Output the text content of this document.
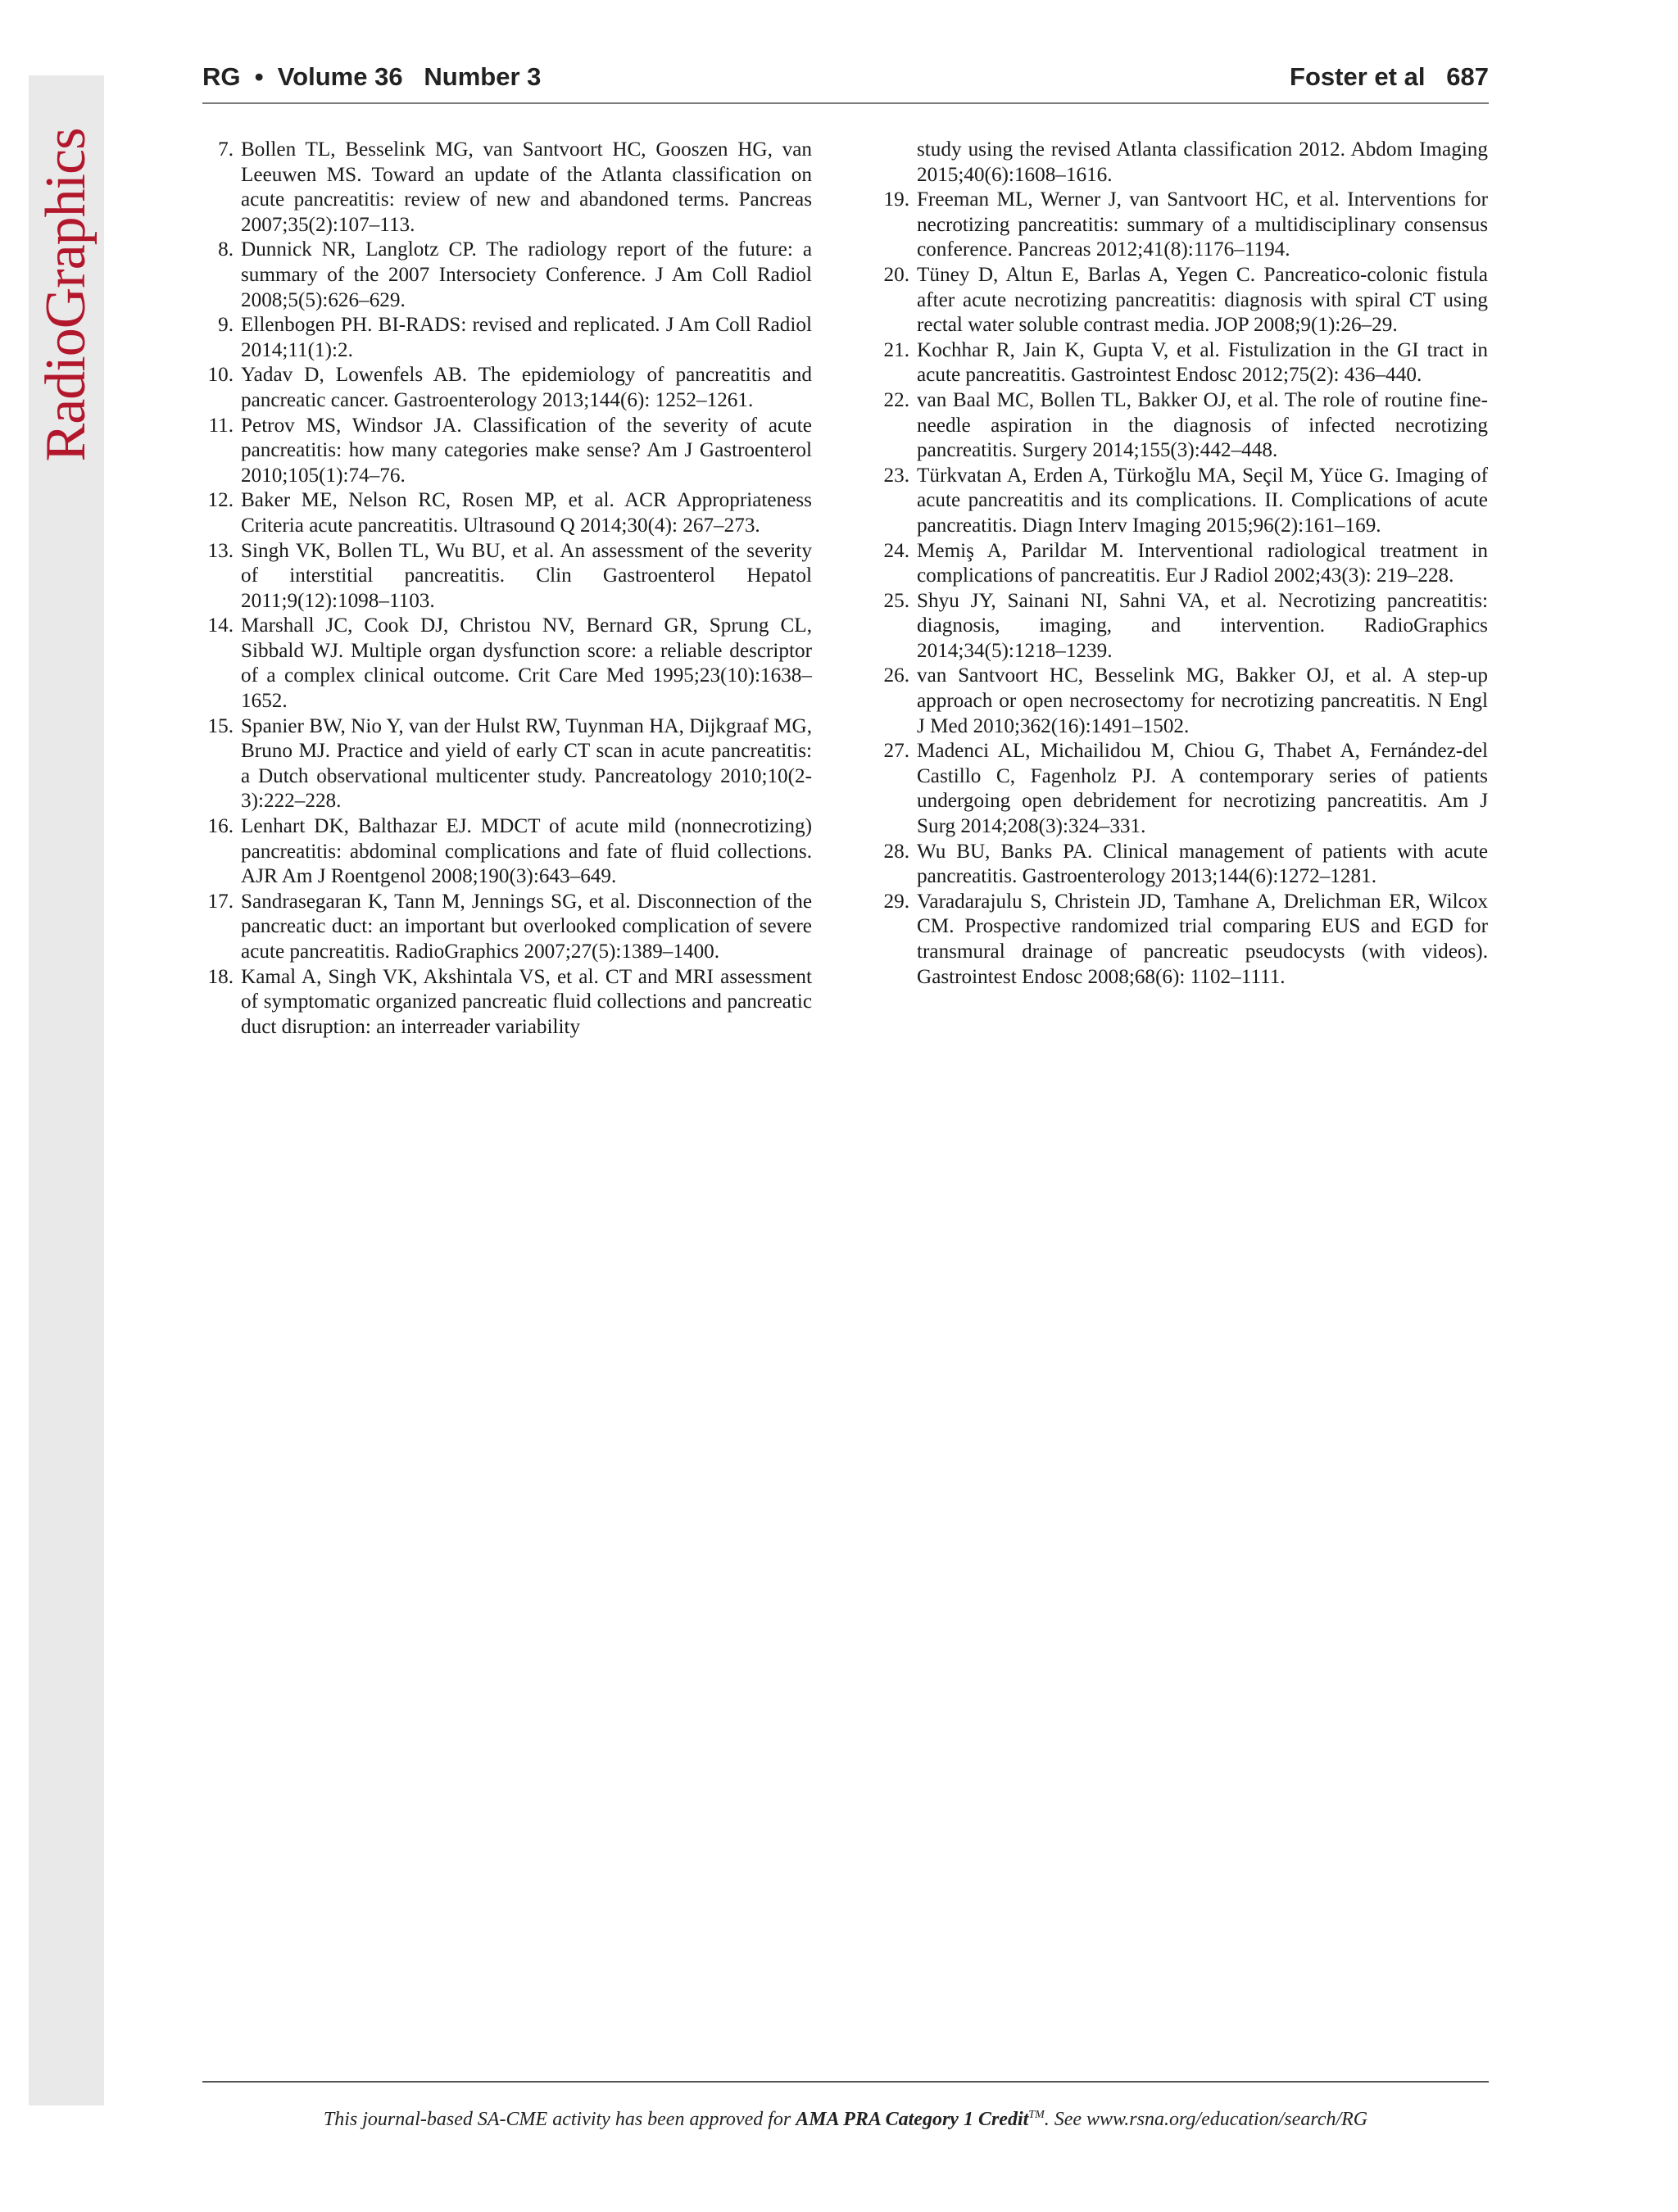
RadioGraphics
RG  •  Volume 36   Number 3	Foster et al   687
7. Bollen TL, Besselink MG, van Santvoort HC, Gooszen HG, van Leeuwen MS. Toward an update of the Atlanta classification on acute pancreatitis: review of new and abandoned terms. Pancreas 2007;35(2):107–113.
8. Dunnick NR, Langlotz CP. The radiology report of the future: a summary of the 2007 Intersociety Conference. J Am Coll Radiol 2008;5(5):626–629.
9. Ellenbogen PH. BI-RADS: revised and replicated. J Am Coll Radiol 2014;11(1):2.
10. Yadav D, Lowenfels AB. The epidemiology of pancreatitis and pancreatic cancer. Gastroenterology 2013;144(6): 1252–1261.
11. Petrov MS, Windsor JA. Classification of the severity of acute pancreatitis: how many categories make sense? Am J Gastroenterol 2010;105(1):74–76.
12. Baker ME, Nelson RC, Rosen MP, et al. ACR Appropriateness Criteria acute pancreatitis. Ultrasound Q 2014;30(4): 267–273.
13. Singh VK, Bollen TL, Wu BU, et al. An assessment of the severity of interstitial pancreatitis. Clin Gastroenterol Hepatol 2011;9(12):1098–1103.
14. Marshall JC, Cook DJ, Christou NV, Bernard GR, Sprung CL, Sibbald WJ. Multiple organ dysfunction score: a reliable descriptor of a complex clinical outcome. Crit Care Med 1995;23(10):1638–1652.
15. Spanier BW, Nio Y, van der Hulst RW, Tuynman HA, Dijkgraaf MG, Bruno MJ. Practice and yield of early CT scan in acute pancreatitis: a Dutch observational multicenter study. Pancreatology 2010;10(2-3):222–228.
16. Lenhart DK, Balthazar EJ. MDCT of acute mild (nonnecrotizing) pancreatitis: abdominal complications and fate of fluid collections. AJR Am J Roentgenol 2008;190(3):643–649.
17. Sandrasegaran K, Tann M, Jennings SG, et al. Disconnection of the pancreatic duct: an important but overlooked complication of severe acute pancreatitis. RadioGraphics 2007;27(5):1389–1400.
18. Kamal A, Singh VK, Akshintala VS, et al. CT and MRI assessment of symptomatic organized pancreatic fluid collections and pancreatic duct disruption: an interreader variability
study using the revised Atlanta classification 2012. Abdom Imaging 2015;40(6):1608–1616.
19. Freeman ML, Werner J, van Santvoort HC, et al. Interventions for necrotizing pancreatitis: summary of a multidisciplinary consensus conference. Pancreas 2012;41(8):1176–1194.
20. Tüney D, Altun E, Barlas A, Yegen C. Pancreatico-colonic fistula after acute necrotizing pancreatitis: diagnosis with spiral CT using rectal water soluble contrast media. JOP 2008;9(1):26–29.
21. Kochhar R, Jain K, Gupta V, et al. Fistulization in the GI tract in acute pancreatitis. Gastrointest Endosc 2012;75(2): 436–440.
22. van Baal MC, Bollen TL, Bakker OJ, et al. The role of routine fine-needle aspiration in the diagnosis of infected necrotizing pancreatitis. Surgery 2014;155(3):442–448.
23. Türkvatan A, Erden A, Türkoğlu MA, Seçil M, Yüce G. Imaging of acute pancreatitis and its complications. II. Complications of acute pancreatitis. Diagn Interv Imaging 2015;96(2):161–169.
24. Memiş A, Parildar M. Interventional radiological treatment in complications of pancreatitis. Eur J Radiol 2002;43(3): 219–228.
25. Shyu JY, Sainani NI, Sahni VA, et al. Necrotizing pancreatitis: diagnosis, imaging, and intervention. RadioGraphics 2014;34(5):1218–1239.
26. van Santvoort HC, Besselink MG, Bakker OJ, et al. A step-up approach or open necrosectomy for necrotizing pancreatitis. N Engl J Med 2010;362(16):1491–1502.
27. Madenci AL, Michailidou M, Chiou G, Thabet A, Fernández-del Castillo C, Fagenholz PJ. A contemporary series of patients undergoing open debridement for necrotizing pancreatitis. Am J Surg 2014;208(3):324–331.
28. Wu BU, Banks PA. Clinical management of patients with acute pancreatitis. Gastroenterology 2013;144(6):1272–1281.
29. Varadarajulu S, Christein JD, Tamhane A, Drelichman ER, Wilcox CM. Prospective randomized trial comparing EUS and EGD for transmural drainage of pancreatic pseudocysts (with videos). Gastrointest Endosc 2008;68(6): 1102–1111.
This journal-based SA-CME activity has been approved for AMA PRA Category 1 Credit™. See www.rsna.org/education/search/RG
